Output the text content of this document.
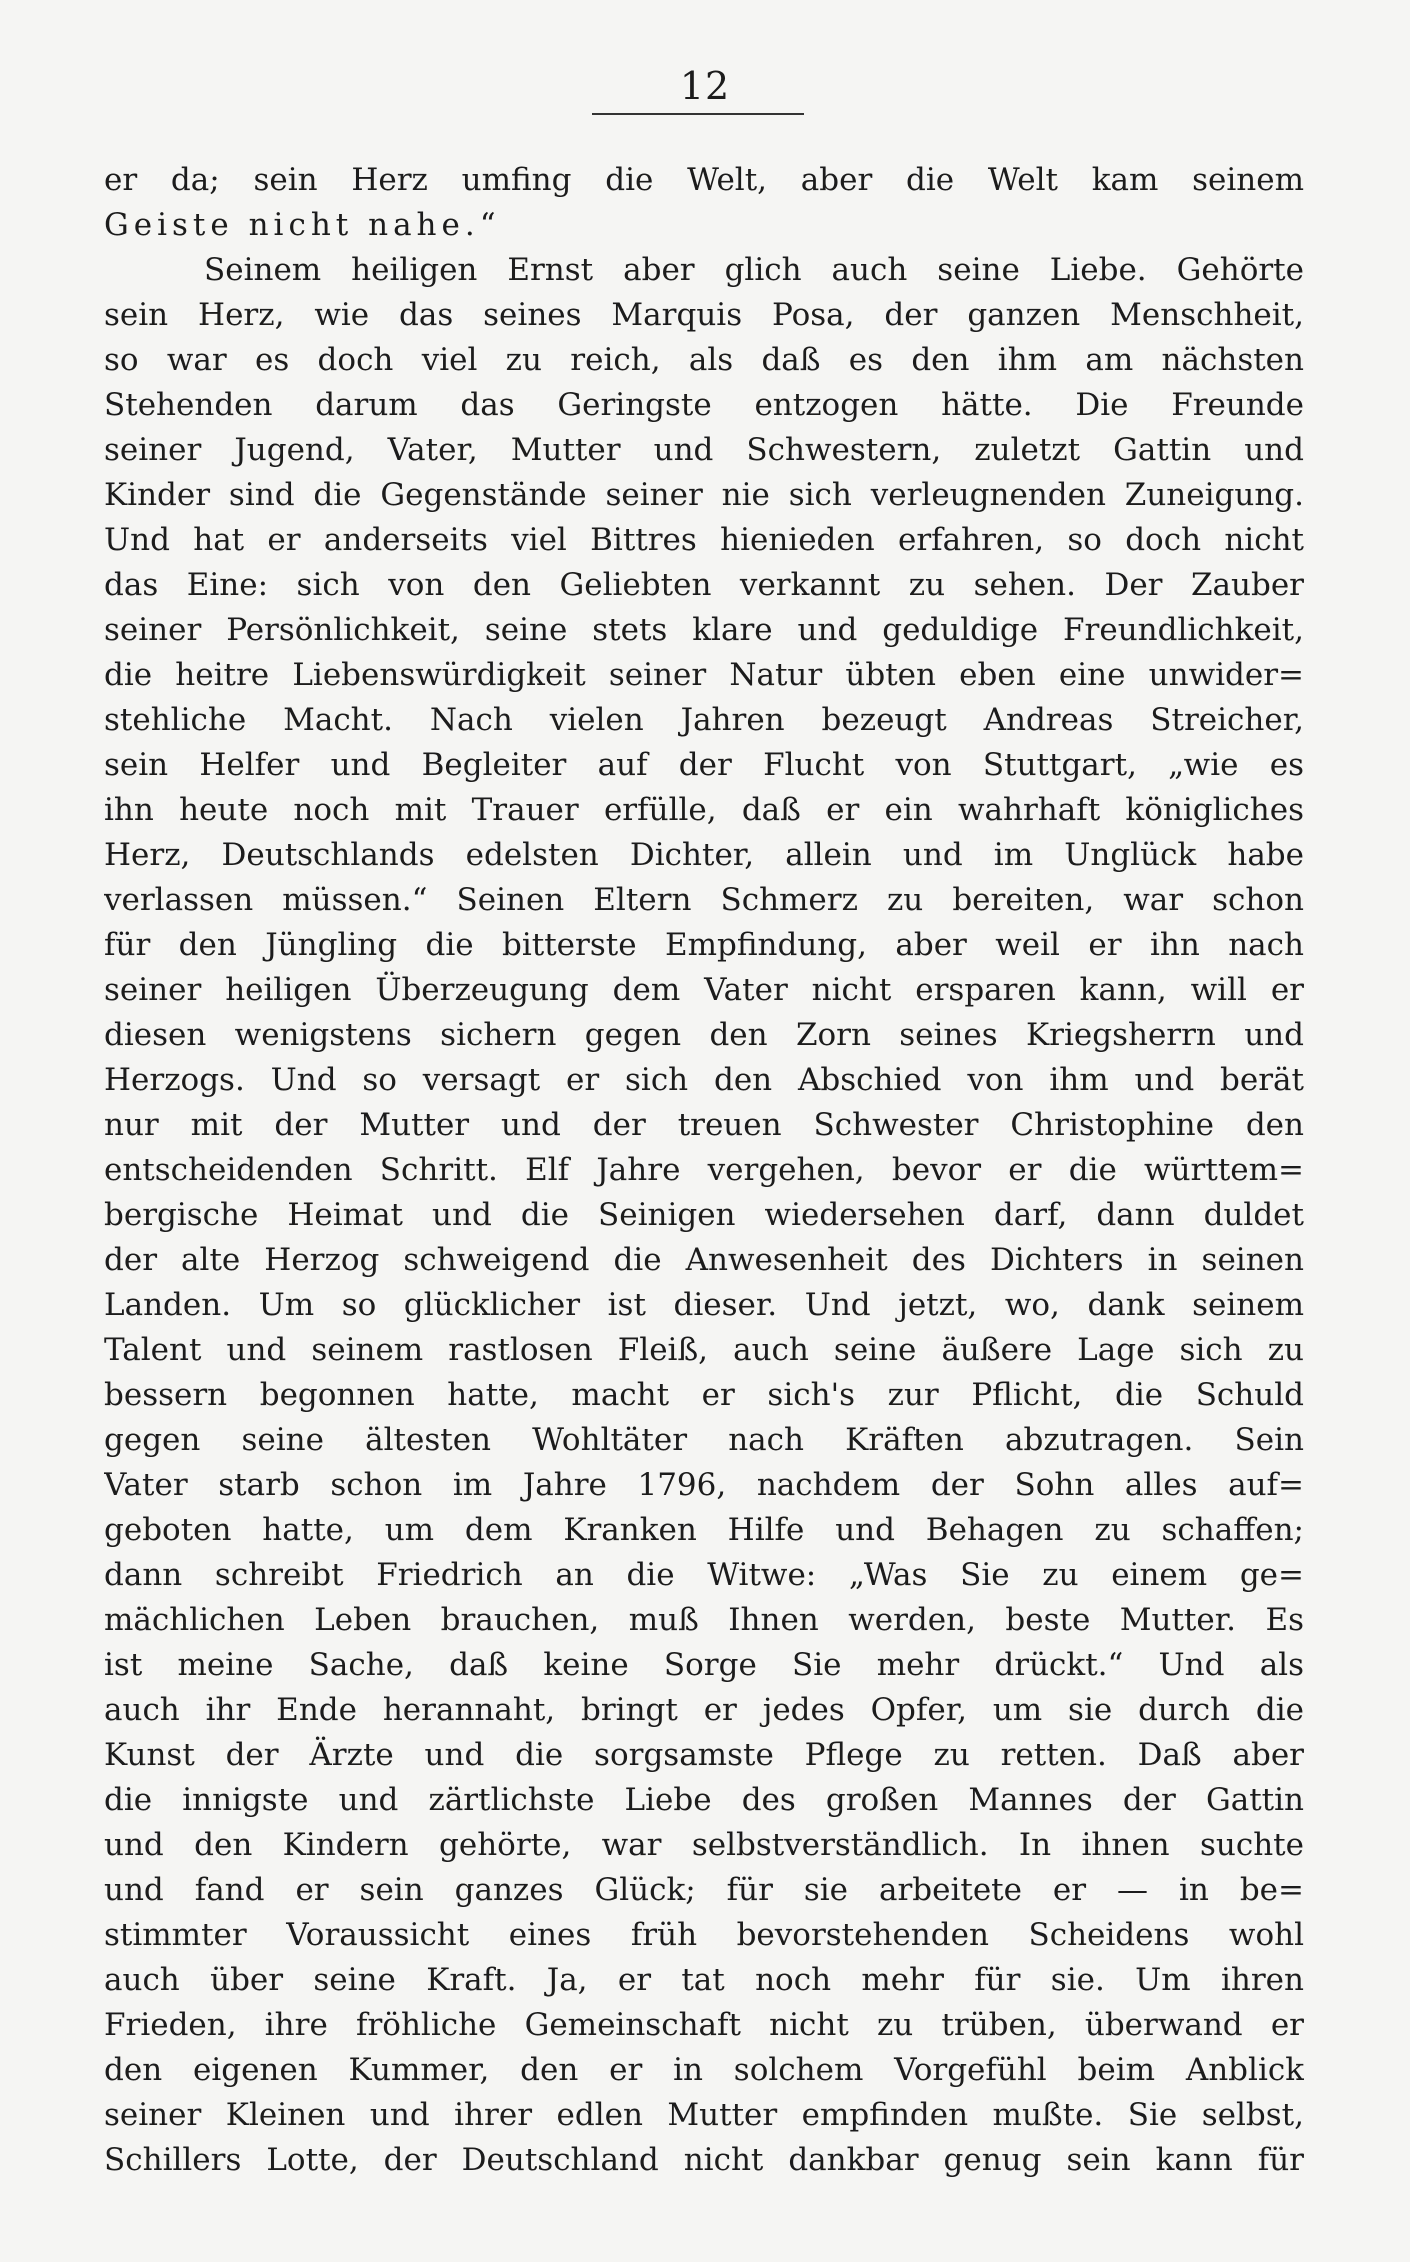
12
er da; sein Herz umfing die Welt, aber die Welt kam seinem
Geiste nicht nahe.“
Seinem heiligen Ernst aber glich auch seine Liebe. Gehörte
sein Herz, wie das seines Marquis Posa, der ganzen Menschheit,
so war es doch viel zu reich, als daß es den ihm am nächsten
Stehenden darum das Geringste entzogen hätte. Die Freunde
seiner Jugend, Vater, Mutter und Schwestern, zuletzt Gattin und
Kinder sind die Gegenstände seiner nie sich verleugnenden Zuneigung.
Und hat er anderseits viel Bittres hienieden erfahren, so doch nicht
das Eine: sich von den Geliebten verkannt zu sehen. Der Zauber
seiner Persönlichkeit, seine stets klare und geduldige Freundlichkeit,
die heitre Liebenswürdigkeit seiner Natur übten eben eine unwider=
stehliche Macht. Nach vielen Jahren bezeugt Andreas Streicher,
sein Helfer und Begleiter auf der Flucht von Stuttgart, „wie es
ihn heute noch mit Trauer erfülle, daß er ein wahrhaft königliches
Herz, Deutschlands edelsten Dichter, allein und im Unglück habe
verlassen müssen.“ Seinen Eltern Schmerz zu bereiten, war schon
für den Jüngling die bitterste Empfindung, aber weil er ihn nach
seiner heiligen Überzeugung dem Vater nicht ersparen kann, will er
diesen wenigstens sichern gegen den Zorn seines Kriegsherrn und
Herzogs. Und so versagt er sich den Abschied von ihm und berät
nur mit der Mutter und der treuen Schwester Christophine den
entscheidenden Schritt. Elf Jahre vergehen, bevor er die württem=
bergische Heimat und die Seinigen wiedersehen darf, dann duldet
der alte Herzog schweigend die Anwesenheit des Dichters in seinen
Landen. Um so glücklicher ist dieser. Und jetzt, wo, dank seinem
Talent und seinem rastlosen Fleiß, auch seine äußere Lage sich zu
bessern begonnen hatte, macht er sich's zur Pflicht, die Schuld
gegen seine ältesten Wohltäter nach Kräften abzutragen. Sein
Vater starb schon im Jahre 1796, nachdem der Sohn alles auf=
geboten hatte, um dem Kranken Hilfe und Behagen zu schaffen;
dann schreibt Friedrich an die Witwe: „Was Sie zu einem ge=
mächlichen Leben brauchen, muß Ihnen werden, beste Mutter. Es
ist meine Sache, daß keine Sorge Sie mehr drückt.“ Und als
auch ihr Ende herannaht, bringt er jedes Opfer, um sie durch die
Kunst der Ärzte und die sorgsamste Pflege zu retten. Daß aber
die innigste und zärtlichste Liebe des großen Mannes der Gattin
und den Kindern gehörte, war selbstverständlich. In ihnen suchte
und fand er sein ganzes Glück; für sie arbeitete er — in be=
stimmter Voraussicht eines früh bevorstehenden Scheidens wohl
auch über seine Kraft. Ja, er tat noch mehr für sie. Um ihren
Frieden, ihre fröhliche Gemeinschaft nicht zu trüben, überwand er
den eigenen Kummer, den er in solchem Vorgefühl beim Anblick
seiner Kleinen und ihrer edlen Mutter empfinden mußte. Sie selbst,
Schillers Lotte, der Deutschland nicht dankbar genug sein kann für
